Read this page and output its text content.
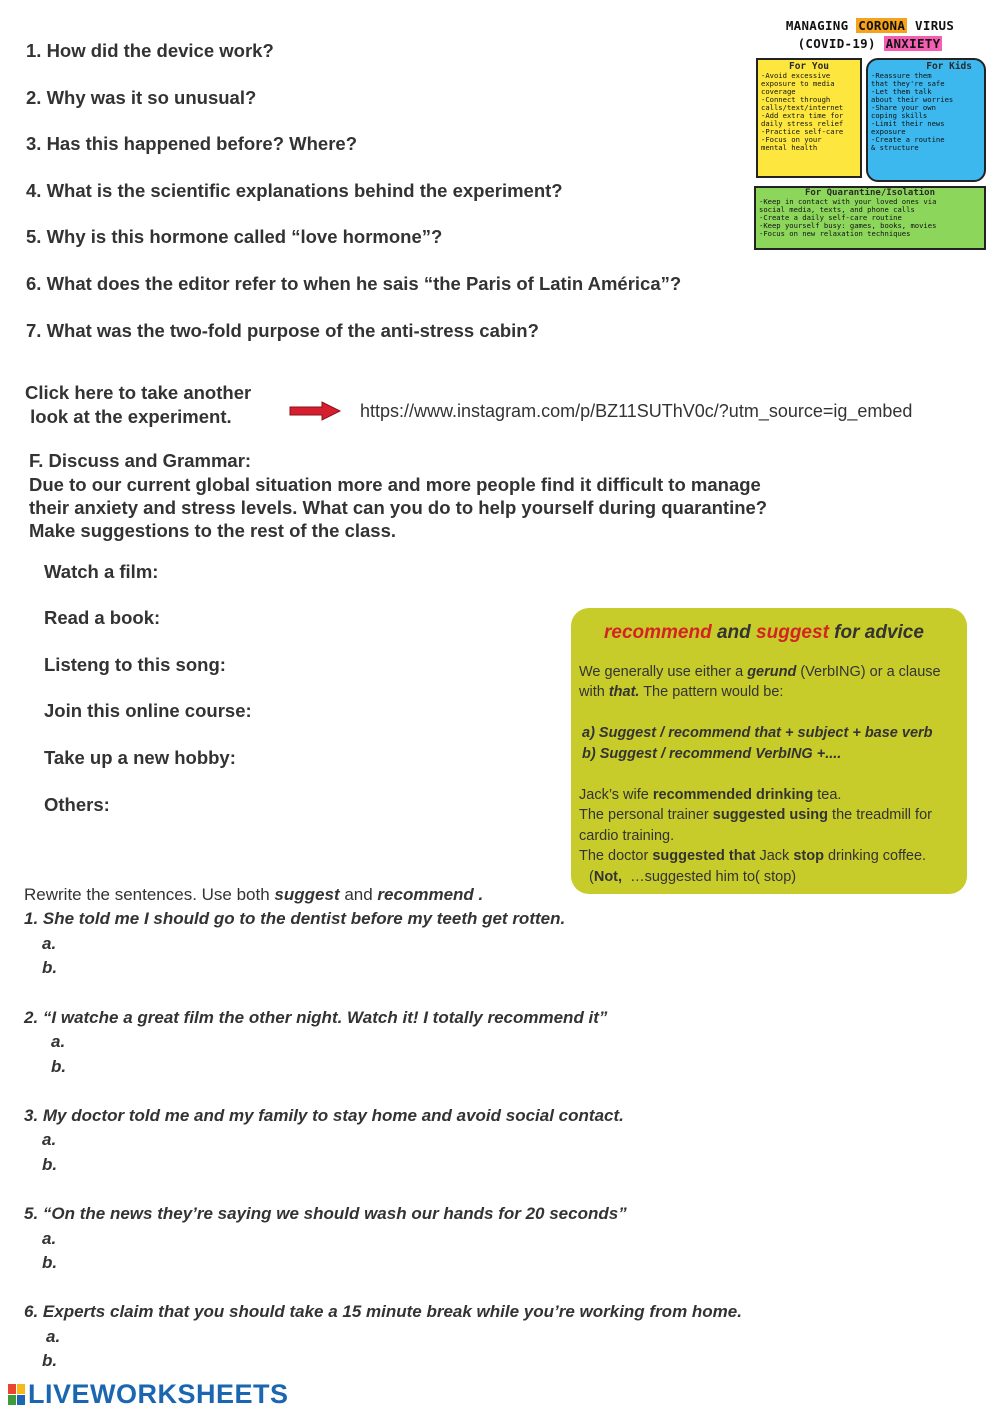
1. How did the device work?
2. Why was it so unusual?
3. Has this happened before? Where?
4. What is the scientific explanations behind the experiment?
5. Why is this hormone called “love hormone”?
6. What does the editor refer to when he sais “the Paris of Latin América”?
7. What was the two-fold purpose of the anti-stress cabin?
MANAGING CORONA VIRUS
(COVID-19) ANXIETY
For You
-Avoid excessive
exposure to media
coverage
-Connect through
calls/text/internet
-Add extra time for
daily stress relief
-Practice self-care
-Focus on your
mental health
For Kids
-Reassure them
that they're safe
-Let them talk
about their worries
-Share your own
coping skills
-Limit their news
exposure
-Create a routine
& structure
For Quarantine/Isolation
-Keep in contact with your loved ones via
social media, texts, and phone calls
-Create a daily self-care routine
-Keep yourself busy: games, books, movies
-Focus on new relaxation techniques
Click here to take another
look at the experiment.	https://www.instagram.com/p/BZ11SUThV0c/?utm_source=ig_embed
F. Discuss and Grammar:
Due to our current global situation more and more people find it difficult to manage
their anxiety and stress levels. What can you do to help yourself during quarantine?
Make suggestions to the rest of the class.
Watch a film:
Read a book:
Listeng to this song:
Join this online course:
Take up a new hobby:
Others:
recommend and suggest for advice
We generally use either a gerund (VerbING) or a clause
with that. The pattern would be:
a) Suggest / recommend that + subject + base verb
b) Suggest / recommend VerbING +....
Jack’s wife recommended drinking tea.
The personal trainer suggested using the treadmill for
cardio training.
The doctor suggested that Jack stop drinking coffee.
(Not,  …suggested him to( stop)
Rewrite the sentences. Use both suggest and recommend .
1. She told me I should go to the dentist before my teeth get rotten.
a.
b.
2. “I watche a great film the other night. Watch it! I totally recommend it”
a.
b.
3. My doctor told me and my family to stay home and avoid social contact.
a.
b.
5. “On the news they’re saying we should wash our hands for 20 seconds”
a.
b.
6. Experts claim that you should take a 15 minute break while you’re working from home.
a.
b.
LIVEWORKSHEETS
